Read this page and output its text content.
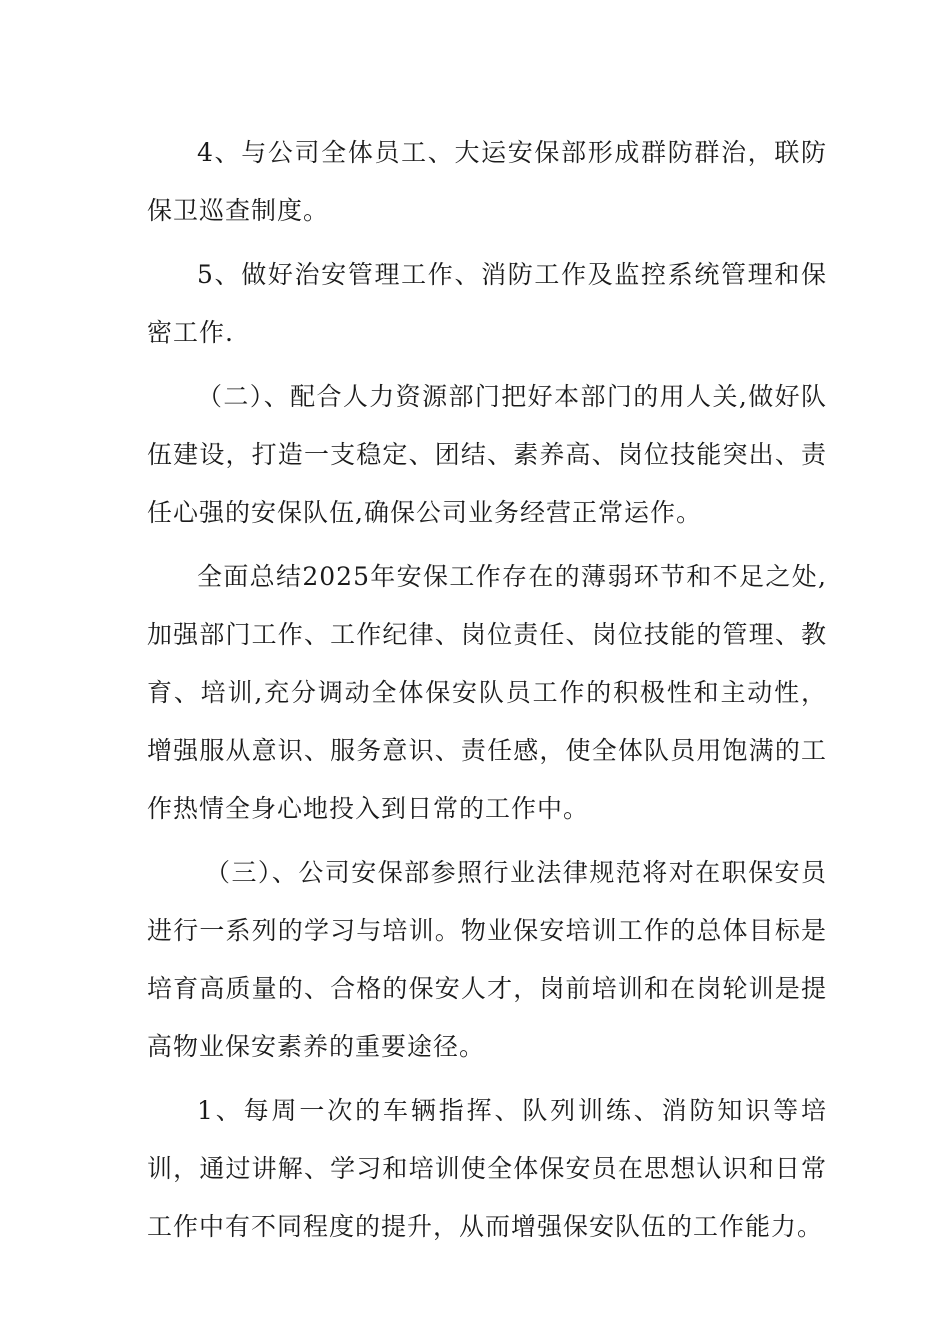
4、与公司全体员工、大运安保部形成群防群治，联防保卫巡查制度。

5、做好治安管理工作、消防工作及监控系统管理和保密工作.

（二）、配合人力资源部门把好本部门的用人关,做好队伍建设，打造一支稳定、团结、素养高、岗位技能突出、责任心强的安保队伍,确保公司业务经营正常运作。

全面总结2025年安保工作存在的薄弱环节和不足之处,加强部门工作、工作纪律、岗位责任、岗位技能的管理、教育、培训,充分调动全体保安队员工作的积极性和主动性，增强服从意识、服务意识、责任感，使全体队员用饱满的工作热情全身心地投入到日常的工作中。

（三）、公司安保部参照行业法律规范将对在职保安员进行一系列的学习与培训。物业保安培训工作的总体目标是培育高质量的、合格的保安人才，岗前培训和在岗轮训是提高物业保安素养的重要途径。

1、每周一次的车辆指挥、队列训练、消防知识等培训，通过讲解、学习和培训使全体保安员在思想认识和日常工作中有不同程度的提升，从而增强保安队伍的工作能力。
